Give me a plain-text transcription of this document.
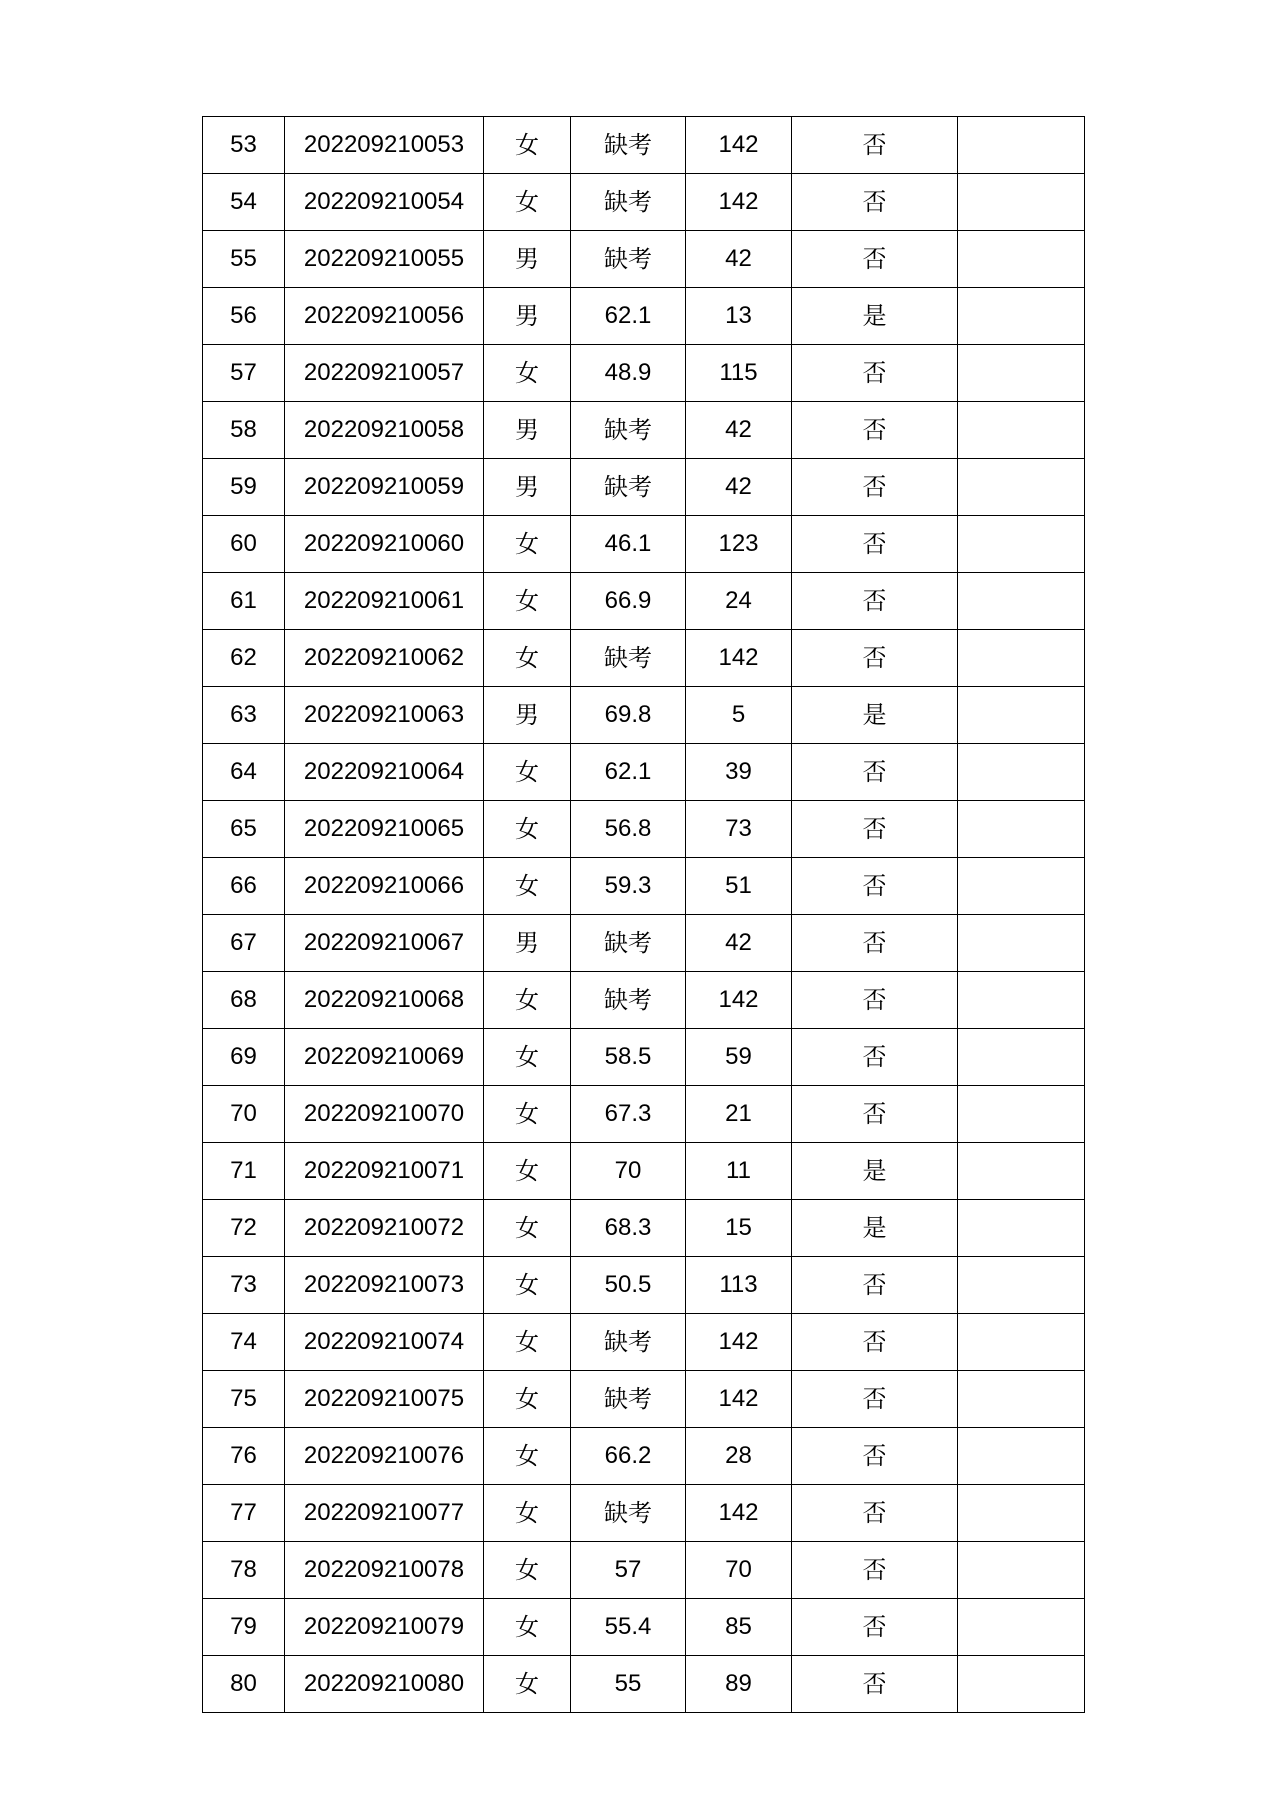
53	202209210053	女	缺考	142	否	
54	202209210054	女	缺考	142	否	
55	202209210055	男	缺考	42	否	
56	202209210056	男	62.1	13	是	
57	202209210057	女	48.9	115	否	
58	202209210058	男	缺考	42	否	
59	202209210059	男	缺考	42	否	
60	202209210060	女	46.1	123	否	
61	202209210061	女	66.9	24	否	
62	202209210062	女	缺考	142	否	
63	202209210063	男	69.8	5	是	
64	202209210064	女	62.1	39	否	
65	202209210065	女	56.8	73	否	
66	202209210066	女	59.3	51	否	
67	202209210067	男	缺考	42	否	
68	202209210068	女	缺考	142	否	
69	202209210069	女	58.5	59	否	
70	202209210070	女	67.3	21	否	
71	202209210071	女	70	11	是	
72	202209210072	女	68.3	15	是	
73	202209210073	女	50.5	113	否	
74	202209210074	女	缺考	142	否	
75	202209210075	女	缺考	142	否	
76	202209210076	女	66.2	28	否	
77	202209210077	女	缺考	142	否	
78	202209210078	女	57	70	否	
79	202209210079	女	55.4	85	否	
80	202209210080	女	55	89	否	
